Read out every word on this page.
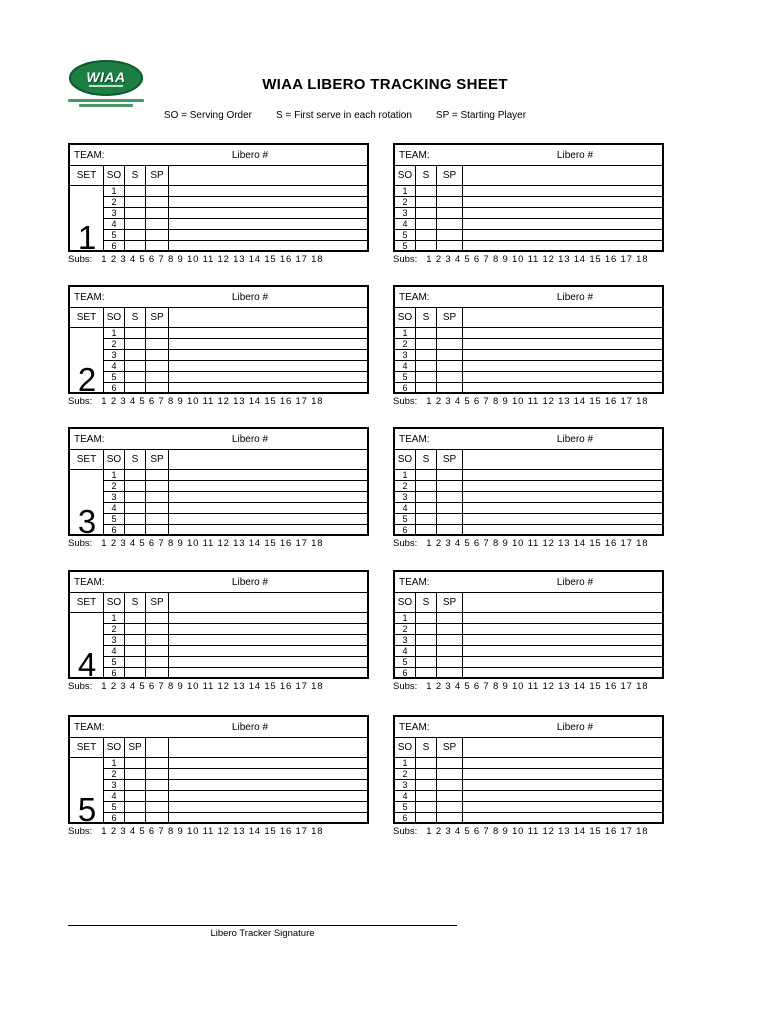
WIAA	WIAA LIBERO TRACKING SHEET
SO = Serving Order S = First serve in each rotation SP = Starting Player
TEAM:	Libero #
SET	SO	S	SP
1
1
2
3
4
5
6
Subs: 1 2 3 4 5 6 7 8 9 10 11 12 13 14 15 16 17 18
TEAM:	Libero #
SO	S	SP
1
2
3
4
5
5
Subs: 1 2 3 4 5 6 7 8 9 10 11 12 13 14 15 16 17 18
TEAM:	Libero #
SET	SO	S	SP
2
1
2
3
4
5
6
Subs: 1 2 3 4 5 6 7 8 9 10 11 12 13 14 15 16 17 18
TEAM:	Libero #
SO	S	SP
1
2
3
4
5
6
Subs: 1 2 3 4 5 6 7 8 9 10 11 12 13 14 15 16 17 18
TEAM:	Libero #
SET	SO	S	SP
3
1
2
3
4
5
6
Subs: 1 2 3 4 5 6 7 8 9 10 11 12 13 14 15 16 17 18
TEAM:	Libero #
SO	S	SP
1
2
3
4
5
6
Subs: 1 2 3 4 5 6 7 8 9 10 11 12 13 14 15 16 17 18
TEAM:	Libero #
SET	SO	S	SP
4
1
2
3
4
5
6
Subs: 1 2 3 4 5 6 7 8 9 10 11 12 13 14 15 16 17 18
TEAM:	Libero #
SO	S	SP
1
2
3
4
5
6
Subs: 1 2 3 4 5 6 7 8 9 10 11 12 13 14 15 16 17 18
TEAM:	Libero #
SET	SO SP
5
1
2
3
4
5
6
Subs: 1 2 3 4 5 6 7 8 9 10 11 12 13 14 15 16 17 18
TEAM:	Libero #
SO	S	SP
1
2
3
4
5
6
Subs: 1 2 3 4 5 6 7 8 9 10 11 12 13 14 15 16 17 18
Libero Tracker Signature
